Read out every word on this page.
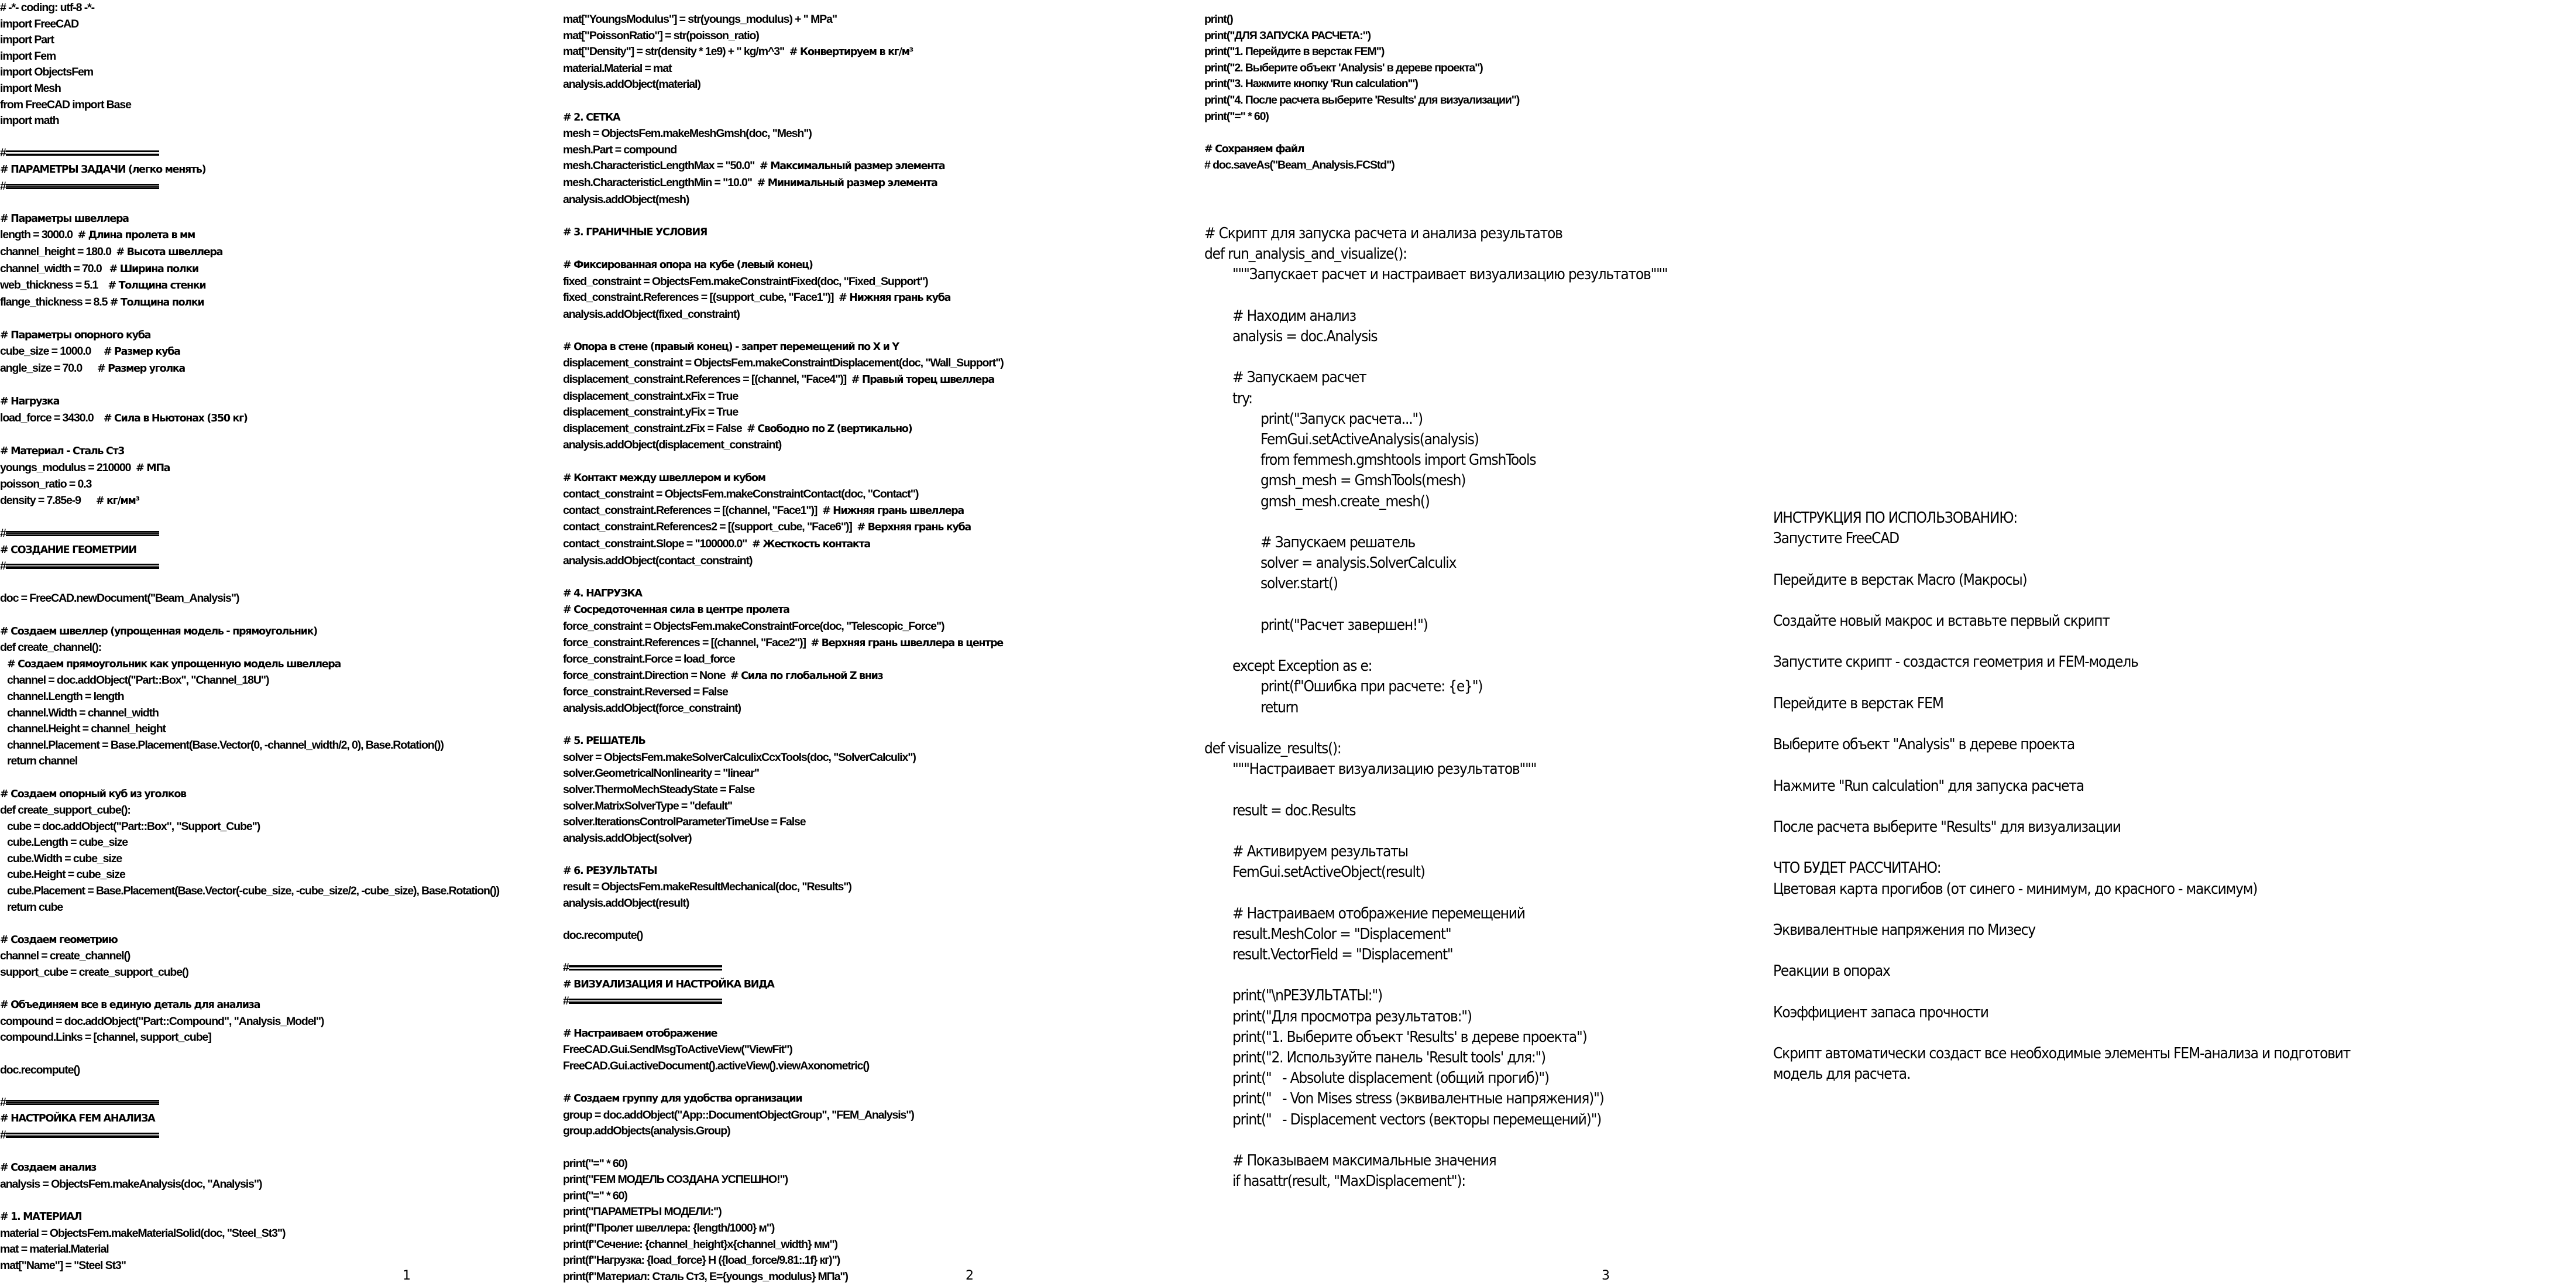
# -*- coding: utf-8 -*-
import FreeCAD
import Part
import Fem
import ObjectsFem
import Mesh
from FreeCAD import Base
import math
#
# ПАРАМЕТРЫ ЗАДАЧИ (легко менять)
#
# Параметры швеллера
length = 3000.0  # Длина пролета в мм
channel_height = 180.0  # Высота швеллера
channel_width = 70.0   # Ширина полки
web_thickness = 5.1    # Толщина стенки
flange_thickness = 8.5 # Толщина полки
# Параметры опорного куба
cube_size = 1000.0     # Размер куба
angle_size = 70.0      # Размер уголка
# Нагрузка
load_force = 3430.0    # Сила в Ньютонах (350 кг)
# Материал - Сталь Ст3
youngs_modulus = 210000  # МПа
poisson_ratio = 0.3
density = 7.85e-9      # кг/мм³
#
# СОЗДАНИЕ ГЕОМЕТРИИ
#
doc = FreeCAD.newDocument("Beam_Analysis")
# Создаем швеллер (упрощенная модель - прямоугольник)
def create_channel():
# Создаем прямоугольник как упрощенную модель швеллера
channel = doc.addObject("Part::Box", "Channel_18U")
channel.Length = length
channel.Width = channel_width
channel.Height = channel_height
channel.Placement = Base.Placement(Base.Vector(0, -channel_width/2, 0), Base.Rotation())
return channel
# Создаем опорный куб из уголков
def create_support_cube():
cube = doc.addObject("Part::Box", "Support_Cube")
cube.Length = cube_size
cube.Width = cube_size
cube.Height = cube_size
cube.Placement = Base.Placement(Base.Vector(-cube_size, -cube_size/2, -cube_size), Base.Rotation())
return cube
# Создаем геометрию
channel = create_channel()
support_cube = create_support_cube()
# Объединяем все в единую деталь для анализа
compound = doc.addObject("Part::Compound", "Analysis_Model")
compound.Links = [channel, support_cube]
doc.recompute()
#
# НАСТРОЙКА FEM АНАЛИЗА
#
# Создаем анализ
analysis = ObjectsFem.makeAnalysis(doc, "Analysis")
# 1. МАТЕРИАЛ
material = ObjectsFem.makeMaterialSolid(doc, "Steel_St3")
mat = material.Material
mat["Name"] = "Steel St3"
mat["YoungsModulus"] = str(youngs_modulus) + " MPa"
mat["PoissonRatio"] = str(poisson_ratio)
mat["Density"] = str(density * 1e9) + " kg/m^3"  # Конвертируем в кг/м³
material.Material = mat
analysis.addObject(material)
# 2. СЕТКА
mesh = ObjectsFem.makeMeshGmsh(doc, "Mesh")
mesh.Part = compound
mesh.CharacteristicLengthMax = "50.0"  # Максимальный размер элемента
mesh.CharacteristicLengthMin = "10.0"  # Минимальный размер элемента
analysis.addObject(mesh)
# 3. ГРАНИЧНЫЕ УСЛОВИЯ
# Фиксированная опора на кубе (левый конец)
fixed_constraint = ObjectsFem.makeConstraintFixed(doc, "Fixed_Support")
fixed_constraint.References = [(support_cube, "Face1")]  # Нижняя грань куба
analysis.addObject(fixed_constraint)
# Опора в стене (правый конец) - запрет перемещений по X и Y
displacement_constraint = ObjectsFem.makeConstraintDisplacement(doc, "Wall_Support")
displacement_constraint.References = [(channel, "Face4")]  # Правый торец швеллера
displacement_constraint.xFix = True
displacement_constraint.yFix = True
displacement_constraint.zFix = False  # Свободно по Z (вертикально)
analysis.addObject(displacement_constraint)
# Контакт между швеллером и кубом
contact_constraint = ObjectsFem.makeConstraintContact(doc, "Contact")
contact_constraint.References = [(channel, "Face1")]  # Нижняя грань швеллера
contact_constraint.References2 = [(support_cube, "Face6")]  # Верхняя грань куба
contact_constraint.Slope = "100000.0"  # Жесткость контакта
analysis.addObject(contact_constraint)
# 4. НАГРУЗКА
# Сосредоточенная сила в центре пролета
force_constraint = ObjectsFem.makeConstraintForce(doc, "Telescopic_Force")
force_constraint.References = [(channel, "Face2")]  # Верхняя грань швеллера в центре
force_constraint.Force = load_force
force_constraint.Direction = None  # Сила по глобальной Z вниз
force_constraint.Reversed = False
analysis.addObject(force_constraint)
# 5. РЕШАТЕЛЬ
solver = ObjectsFem.makeSolverCalculixCcxTools(doc, "SolverCalculix")
solver.GeometricalNonlinearity = "linear"
solver.ThermoMechSteadyState = False
solver.MatrixSolverType = "default"
solver.IterationsControlParameterTimeUse = False
analysis.addObject(solver)
# 6. РЕЗУЛЬТАТЫ
result = ObjectsFem.makeResultMechanical(doc, "Results")
analysis.addObject(result)
doc.recompute()
#
# ВИЗУАЛИЗАЦИЯ И НАСТРОЙКА ВИДА
#
# Настраиваем отображение
FreeCAD.Gui.SendMsgToActiveView("ViewFit")
FreeCAD.Gui.activeDocument().activeView().viewAxonometric()
# Создаем группу для удобства организации
group = doc.addObject("App::DocumentObjectGroup", "FEM_Analysis")
group.addObjects(analysis.Group)
print("=" * 60)
print("FEM МОДЕЛЬ СОЗДАНА УСПЕШНО!")
print("=" * 60)
print("ПАРАМЕТРЫ МОДЕЛИ:")
print(f"Пролет швеллера: {length/1000} м")
print(f"Сечение: {channel_height}x{channel_width} мм")
print(f"Нагрузка: {load_force} Н ({load_force/9.81:.1f} кг)")
print(f"Материал: Сталь Ст3, E={youngs_modulus} МПа")
print()
print("ДЛЯ ЗАПУСКА РАСЧЕТА:")
print("1. Перейдите в верстак FEM")
print("2. Выберите объект 'Analysis' в дереве проекта")
print("3. Нажмите кнопку 'Run calculation'")
print("4. После расчета выберите 'Results' для визуализации")
print("=" * 60)
# Сохраняем файл
# doc.saveAs("Beam_Analysis.FCStd")
# Скрипт для запуска расчета и анализа результатов
def run_analysis_and_visualize():
"""Запускает расчет и настраивает визуализацию результатов"""
# Находим анализ
analysis = doc.Analysis
# Запускаем расчет
try:
print("Запуск расчета...")
FemGui.setActiveAnalysis(analysis)
from femmesh.gmshtools import GmshTools
gmsh_mesh = GmshTools(mesh)
gmsh_mesh.create_mesh()
# Запускаем решатель
solver = analysis.SolverCalculix
solver.start()
print("Расчет завершен!")
except Exception as e:
print(f"Ошибка при расчете: {e}")
return
def visualize_results():
"""Настраивает визуализацию результатов"""
result = doc.Results
# Активируем результаты
FemGui.setActiveObject(result)
# Настраиваем отображение перемещений
result.MeshColor = "Displacement"
result.VectorField = "Displacement"
print("\nРЕЗУЛЬТАТЫ:")
print("Для просмотра результатов:")
print("1. Выберите объект 'Results' в дереве проекта")
print("2. Используйте панель 'Result tools' для:")
print("   - Absolute displacement (общий прогиб)")
print("   - Von Mises stress (эквивалентные напряжения)")
print("   - Displacement vectors (векторы перемещений)")
# Показываем максимальные значения
if hasattr(result, "MaxDisplacement"):
ИНСТРУКЦИЯ ПО ИСПОЛЬЗОВАНИЮ:
Запустите FreeCAD
Перейдите в верстак Macro (Макросы)
Создайте новый макрос и вставьте первый скрипт
Запустите скрипт - создастся геометрия и FEM-модель
Перейдите в верстак FEM
Выберите объект "Analysis" в дереве проекта
Нажмите "Run calculation" для запуска расчета
После расчета выберите "Results" для визуализации
ЧТО БУДЕТ РАССЧИТАНО:
Цветовая карта прогибов (от синего - минимум, до красного - максимум)
Эквивалентные напряжения по Мизесу
Реакции в опорах
Коэффициент запаса прочности
Скрипт автоматически создаст все необходимые элементы FEM-анализа и подготовит
модель для расчета.
1	2	3
